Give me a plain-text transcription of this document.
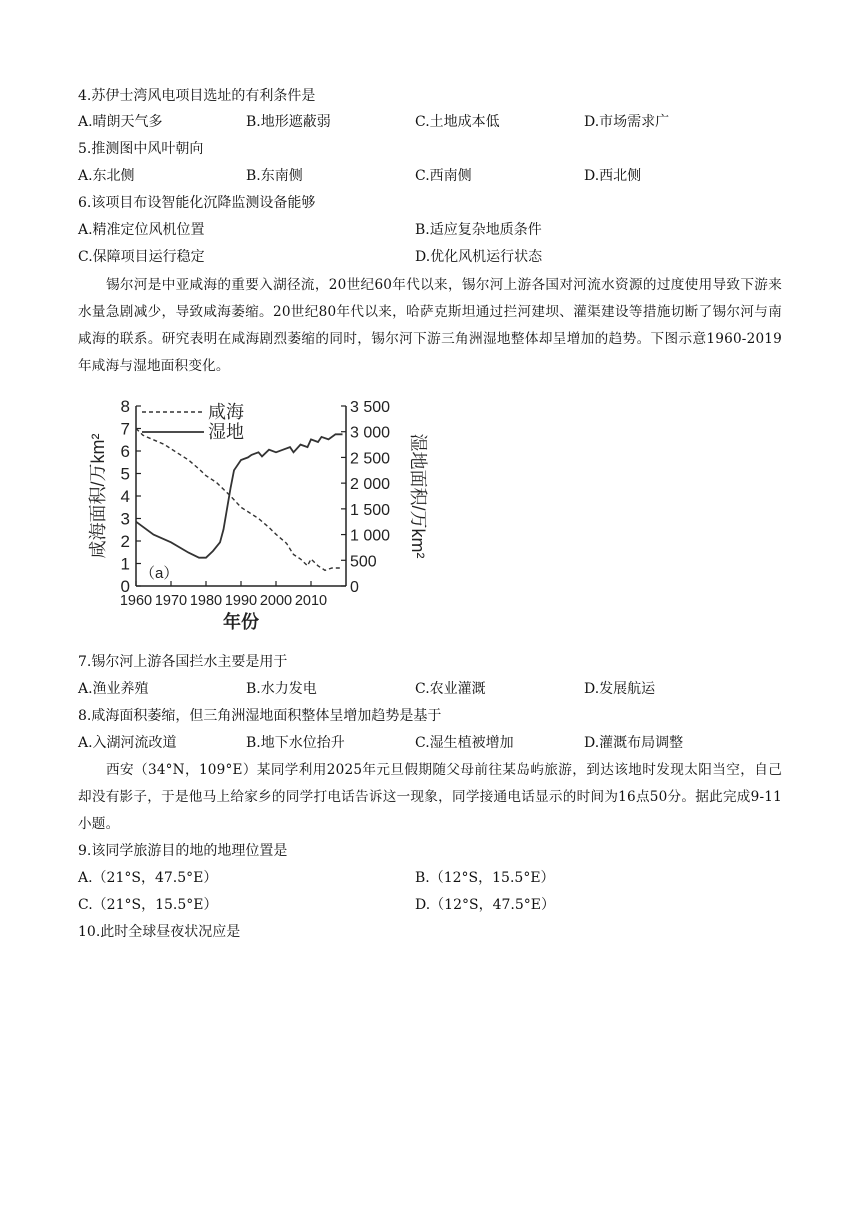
4.苏伊士湾风电项目选址的有利条件是
A.晴朗天气多	B.地形遮蔽弱	C.土地成本低	D.市场需求广
5.推测图中风叶朝向
A.东北侧	B.东南侧	C.西南侧	D.西北侧
6.该项目布设智能化沉降监测设备能够
A.精准定位风机位置	B.适应复杂地质条件
C.保障项目运行稳定	D.优化风机运行状态
锡尔河是中亚咸海的重要入湖径流，20世纪60年代以来，锡尔河上游各国对河流水资源的过度使用导致下游来水量急剧减少，导致咸海萎缩。20世纪80年代以来，哈萨克斯坦通过拦河建坝、灌渠建设等措施切断了锡尔河与南咸海的联系。研究表明在咸海剧烈萎缩的同时，锡尔河下游三角洲湿地整体却呈增加的趋势。下图示意1960-2019年咸海与湿地面积变化。
0
1
2
3
4
5
6
7
8
0
500
1 000
1 500
2 000
2 500
3 000
3 500
1960 1970 1980 1990 2000 2010
年份
咸海面积/万km²	湿地面积/万km²
咸海
湿地
（a）
7.锡尔河上游各国拦水主要是用于
A.渔业养殖	B.水力发电	C.农业灌溉	D.发展航运
8.咸海面积萎缩，但三角洲湿地面积整体呈增加趋势是基于
A.入湖河流改道	B.地下水位抬升	C.湿生植被增加	D.灌溉布局调整
西安（34°N，109°E）某同学利用2025年元旦假期随父母前往某岛屿旅游，到达该地时发现太阳当空，自己却没有影子，于是他马上给家乡的同学打电话告诉这一现象，同学接通电话显示的时间为16点50分。据此完成9-11小题。
9.该同学旅游目的地的地理位置是
A.（21°S，47.5°E）	B.（12°S，15.5°E）
C.（21°S，15.5°E）	D.（12°S，47.5°E）
10.此时全球昼夜状况应是
